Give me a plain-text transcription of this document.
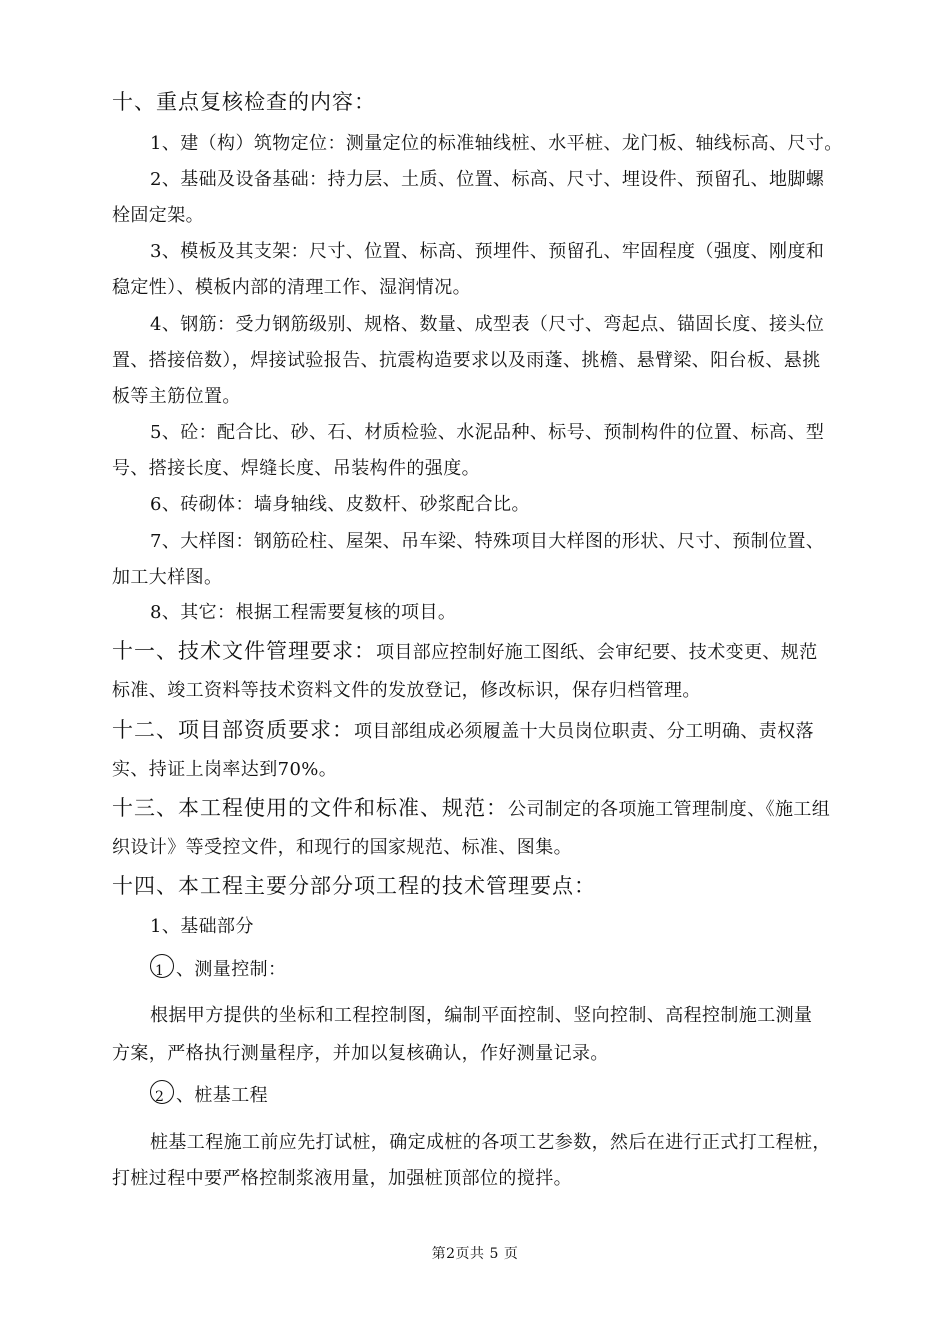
十、重点复核检查的内容：
1、建（构）筑物定位：测量定位的标准轴线桩、水平桩、龙门板、轴线标高、尺寸。
2、基础及设备基础：持力层、土质、位置、标高、尺寸、埋设件、预留孔、地脚螺
栓固定架。
3、模板及其支架：尺寸、位置、标高、预埋件、预留孔、牢固程度（强度、刚度和
稳定性）、模板内部的清理工作、湿润情况。
4、钢筋：受力钢筋级别、规格、数量、成型表（尺寸、弯起点、锚固长度、接头位
置、搭接倍数），焊接试验报告、抗震构造要求以及雨蓬、挑檐、悬臂梁、阳台板、悬挑
板等主筋位置。
5、砼：配合比、砂、石、材质检验、水泥品种、标号、预制构件的位置、标高、型
号、搭接长度、焊缝长度、吊装构件的强度。
6、砖砌体：墙身轴线、皮数杆、砂浆配合比。
7、大样图：钢筋砼柱、屋架、吊车梁、特殊项目大样图的形状、尺寸、预制位置、
加工大样图。
8、其它：根据工程需要复核的项目。
十一、技术文件管理要求：项目部应控制好施工图纸、会审纪要、技术变更、规范
标准、竣工资料等技术资料文件的发放登记，修改标识，保存归档管理。
十二、项目部资质要求：项目部组成必须履盖十大员岗位职责、分工明确、责权落
实、持证上岗率达到70%。
十三、本工程使用的文件和标准、规范：公司制定的各项施工管理制度、《施工组
织设计》等受控文件，和现行的国家规范、标准、图集。
十四、本工程主要分部分项工程的技术管理要点：
1、基础部分
1 、测量控制：
根据甲方提供的坐标和工程控制图，编制平面控制、竖向控制、高程控制施工测量
方案，严格执行测量程序，并加以复核确认，作好测量记录。
2 、桩基工程
桩基工程施工前应先打试桩，确定成桩的各项工艺参数，然后在进行正式打工程桩，
打桩过程中要严格控制浆液用量，加强桩顶部位的搅拌。
第2页共 5 页
